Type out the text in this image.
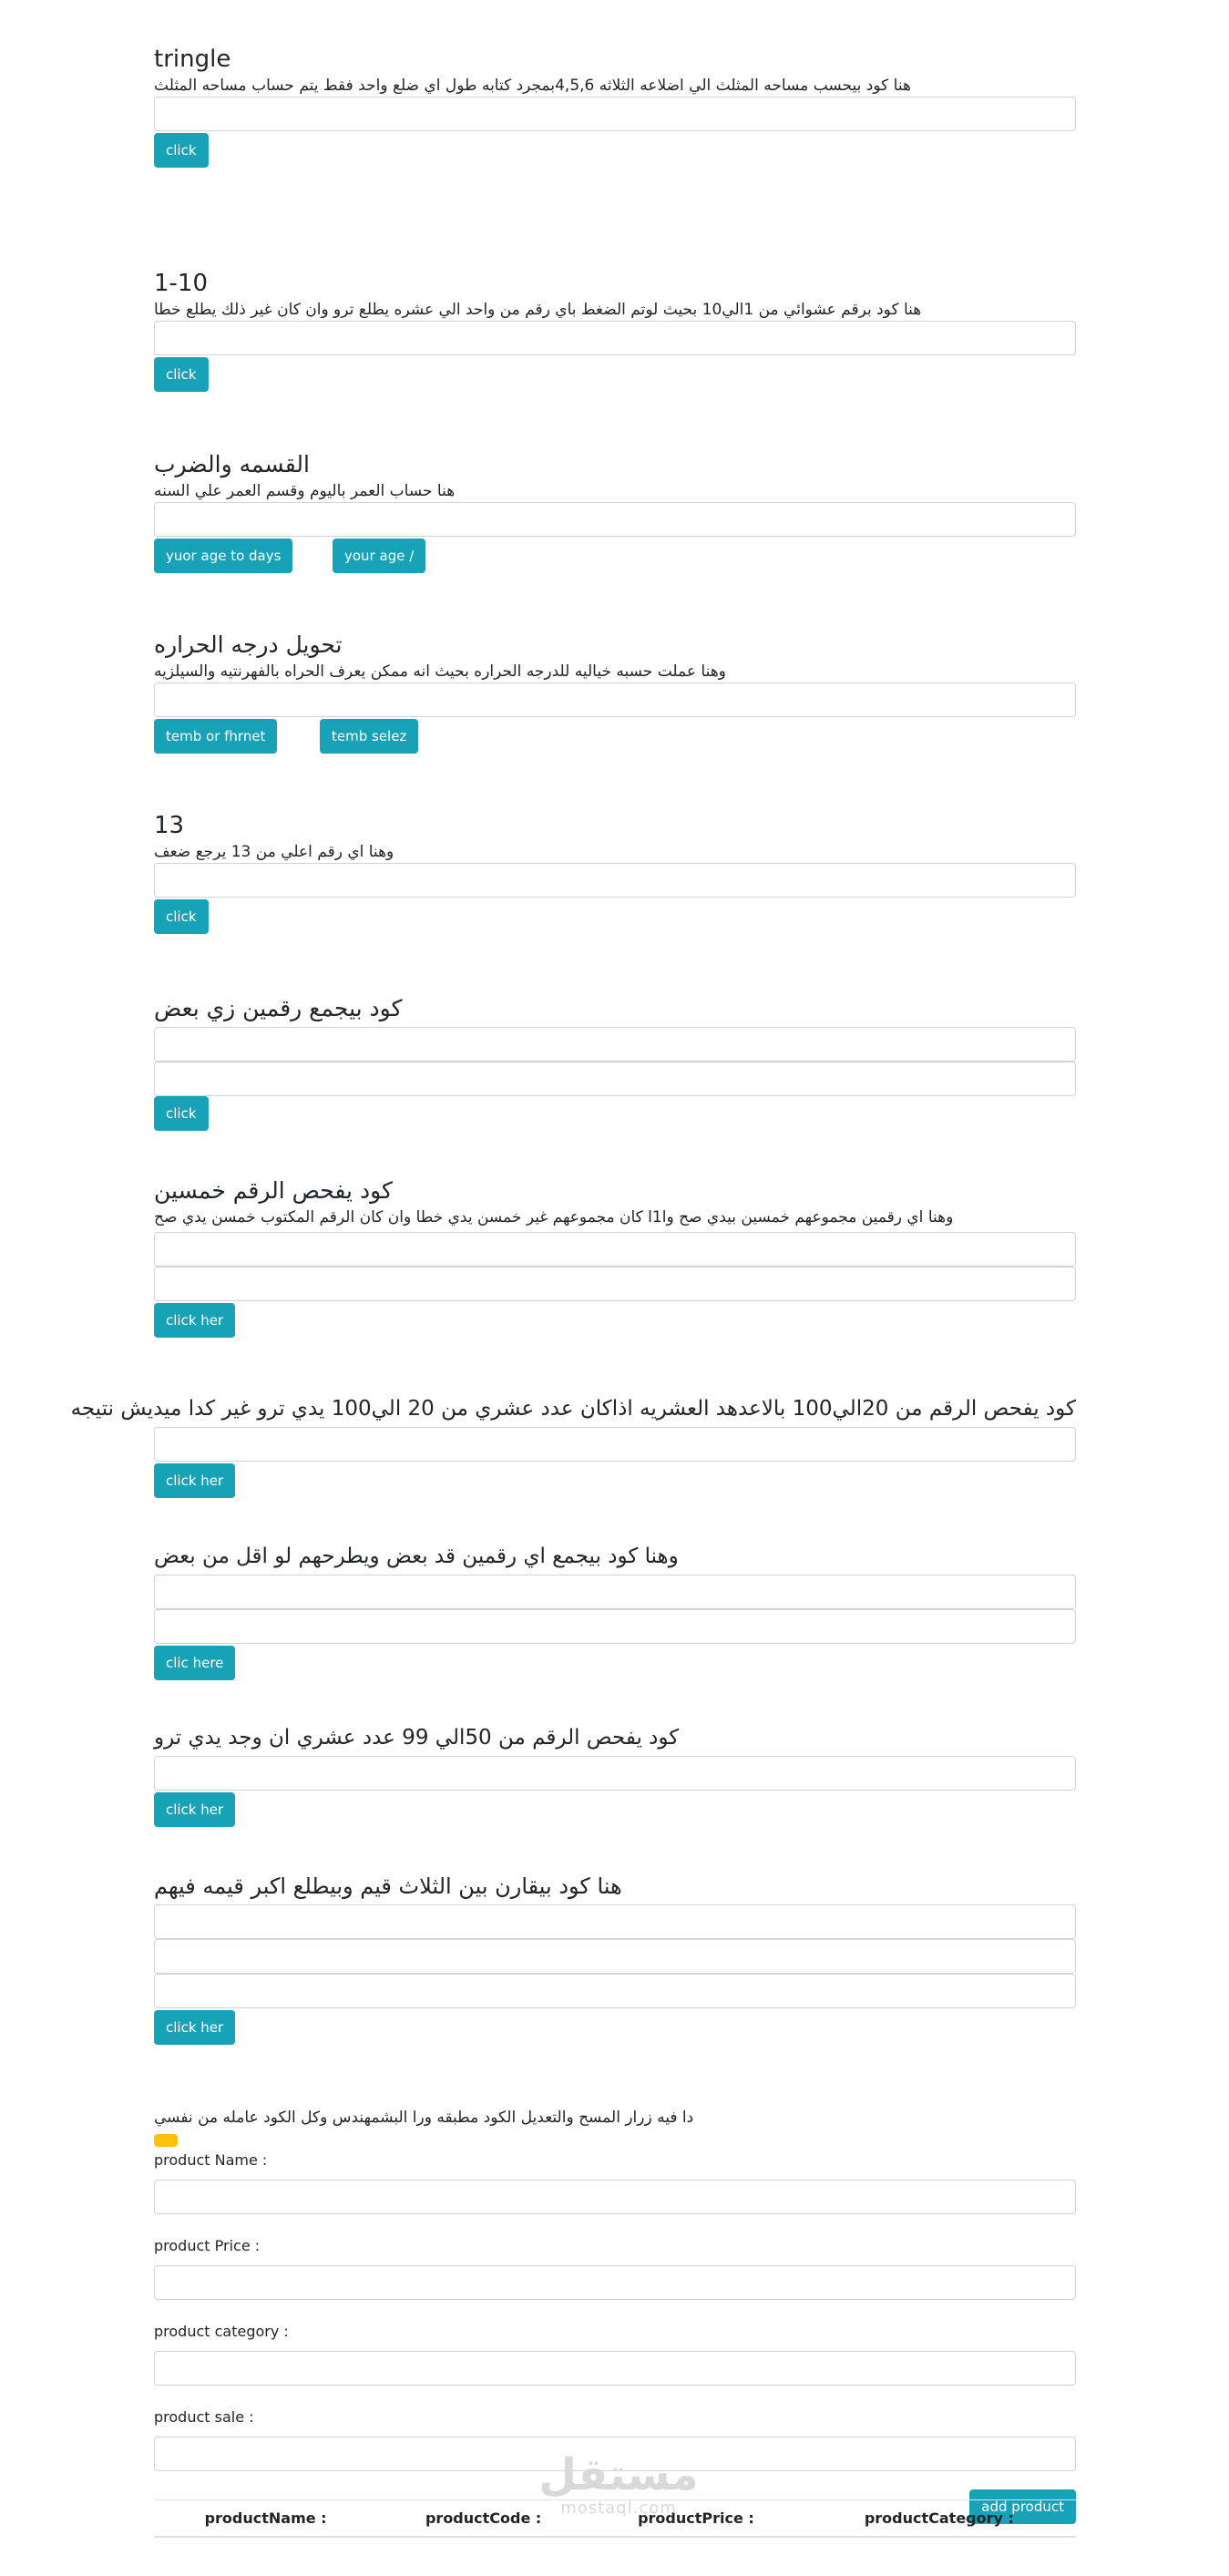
tringle

هنا كود بيحسب مساحه المثلث الي اضلاعه الثلاثه 4,5,6بمجرد كتابه طول اي ضلع واحد فقط يتم حساب مساحه المثلث

click
1-10

هنا كود برقم عشوائي من 1الي10 بحيث لوتم الضغط باي رقم من واحد الي عشره يطلع ترو وان كان غير ذلك يطلع خطا

click
القسمه والضرب

هنا حساب العمر باليوم وقسم العمر علي السنه

yuor age to days	your age /
تحويل درجه الحراره

وهنا عملت حسبه خياليه للدرجه الحراره بحيث انه ممكن يعرف الحراه بالفهرنتيه والسيلزيه

temb or fhrnet	temb selez
13

وهنا اي رقم اعلي من 13 يرجع ضعف

click
كود بيجمع رقمين زي بعض
click
كود يفحص الرقم خمسين

وهنا اي رقمين مجموعهم خمسين بيدي صح وا1ا كان مجموعهم غير خمسن يدي خطا وان كان الرقم المكتوب خمسن يدي صح

click her
كود يفحص الرقم من 20الي100 بالاعدهد العشريه اذاكان عدد عشري من 20 الي100 يدي ترو غير كدا ميديش نتيجه
click her
وهنا كود بيجمع اي رقمين قد بعض ويطرحهم لو اقل من بعض
clic here
كود يفحص الرقم من 50الي 99 عدد عشري ان وجد يدي ترو
click her
هنا كود بيقارن بين الثلاث قيم وبيطلع اكبر قيمه فيهم
click her

دا فيه زرار المسح والتعديل الكود مطبقه ورا البشمهندس وكل الكود عامله من نفسي

product Name :

product Price :

product category :

product sale :

add product
productName :	productCode :	productPrice :	productCategory :
مستقل
mostaql.com
